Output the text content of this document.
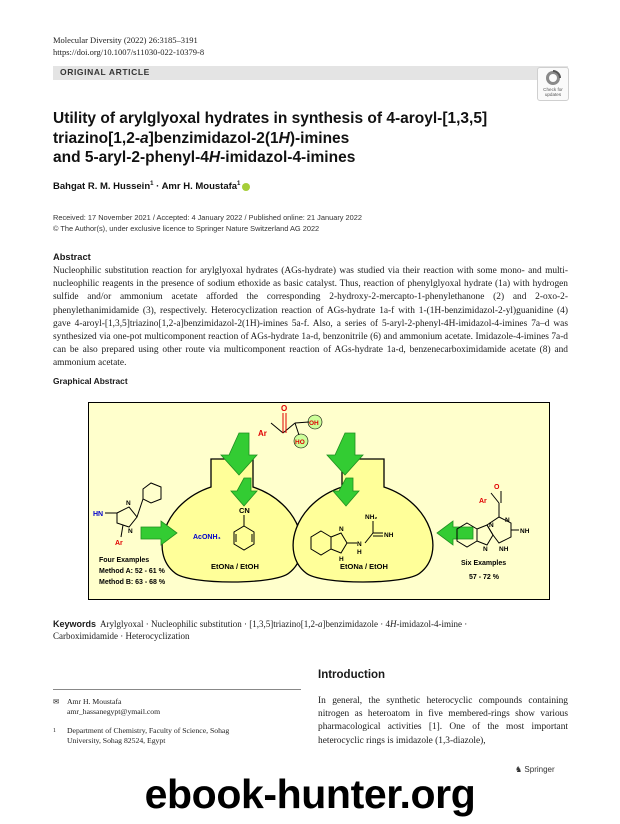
Molecular Diversity (2022) 26:3185–3191
https://doi.org/10.1007/s11030-022-10379-8
ORIGINAL ARTICLE
Check for updates
Utility of arylglyoxal hydrates in synthesis of 4-aroyl-[1,3,5]
triazino[1,2-a]benzimidazol-2(1H)-imines
and 5-aryl-2-phenyl-4H-imidazol-4-imines
Bahgat R. M. Hussein$^1$ · Amr H. Moustafa$^1$
Received: 17 November 2021 / Accepted: 4 January 2022 / Published online: 21 January 2022
© The Author(s), under exclusive licence to Springer Nature Switzerland AG 2022
Abstract
Nucleophilic substitution reaction for arylglyoxal hydrates (AGs-hydrate) was studied via their reaction with some mono- and multi-nucleophilic reagents in the presence of sodium ethoxide as basic catalyst. Thus, reaction of phenylglyoxal hydrate (1a) with hydrogen sulfide and/or ammonium acetate afforded the corresponding 2-hydroxy-2-mercapto-1-phenylethanone (2) and 2-oxo-2-phenylethanimidamide (3), respectively. Heterocyclization reaction of AGs-hydrate 1a-f with 1-(1H-benzimidazol-2-yl)guanidine (4) gave 4-aroyl-[1,3,5]triazino[1,2-a]benzimidazol-2(1H)-imines 5a-f. Also, a series of 5-aryl-2-phenyl-4H-imidazol-4-imines 7a–d was synthesized via one-pot multicomponent reaction of AGs-hydrate 1a-d, benzonitrile (6) and ammonium acetate. Imidazole-4-imines 7a-d can be also prepared using other route via multicomponent reaction of AGs-hydrate 1a-d, benzenecarboximidamide acetate (8) and ammonium acetate.
Graphical Abstract
O
Ar
OH
HO
CN
AcONH₄
EtONa / EtOH
NH₂
NH
N
H
N
H
EtONa / EtOH
HN
N
N
Ar
Four Examples
Method A: 52 - 61 %
Method B: 63 - 68 %
O
Ar
N
N
N
NH
NH
Six Examples
57 - 72 %
Keywords Arylglyoxal · Nucleophilic substitution · [1,3,5]triazino[1,2-a]benzimidazole · 4H-imidazol-4-imine ·
Carboximidamide · Heterocyclization
✉ Amr H. Moustafa
amr_hassanegypt@ymail.com
1 Department of Chemistry, Faculty of Science, Sohag
University, Sohag 82524, Egypt
Introduction
In general, the synthetic heterocyclic compounds containing nitrogen as heteroatom in five membered-rings show various pharmacological activities [1]. One of the most important heterocyclic rings is imidazole (1,3-diazole),
♞ Springer
ebook-hunter.org
